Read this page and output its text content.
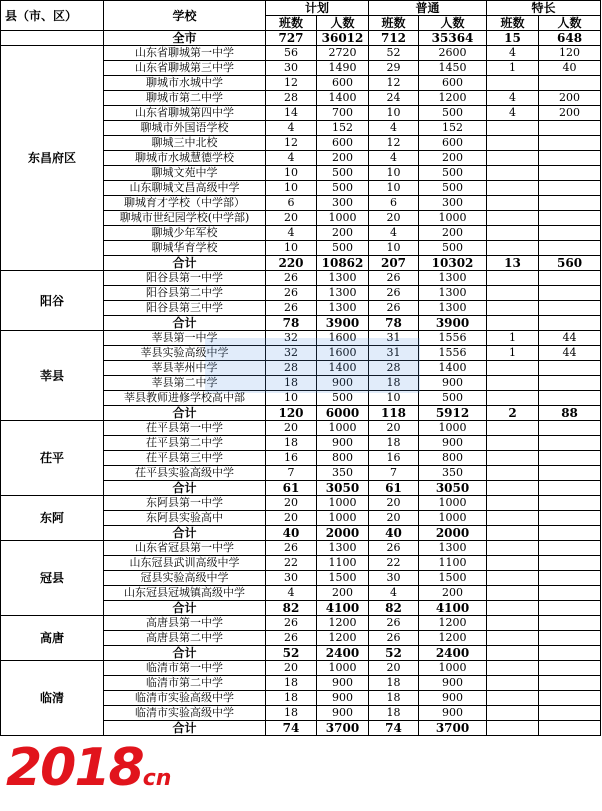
县（市、区）	学校	计划		普通		特长	
		班数	人数	班数	人数	班数	人数
	全市	727	36012	712	35364	15	648
东昌府区	山东省聊城第一中学	56	2720	52	2600	4	120
	山东省聊城第三中学	30	1490	29	1450	1	40
	聊城市水城中学	12	600	12	600		
	聊城市第二中学	28	1400	24	1200	4	200
	山东省聊城第四中学	14	700	10	500	4	200
	聊城市外国语学校	4	152	4	152		
	聊城三中北校	12	600	12	600		
	聊城市水城慧德学校	4	200	4	200		
	聊城文苑中学	10	500	10	500		
	山东聊城文昌高级中学	10	500	10	500		
	聊城育才学校（中学部）	6	300	6	300		
	聊城市世纪园学校(中学部)	20	1000	20	1000		
	聊城少年军校	4	200	4	200		
	聊城华育学校	10	500	10	500		
	合计	220	10862	207	10302	13	560
阳谷	阳谷县第一中学	26	1300	26	1300		
	阳谷县第二中学	26	1300	26	1300		
	阳谷县第三中学	26	1300	26	1300		
	合计	78	3900	78	3900		
莘县	莘县第一中学	32	1600	31	1556	1	44
	莘县实验高级中学	32	1600	31	1556	1	44
	莘县莘州中学	28	1400	28	1400		
	莘县第二中学	18	900	18	900		
	莘县教师进修学校高中部	10	500	10	500		
	合计	120	6000	118	5912	2	88
茌平	茌平县第一中学	20	1000	20	1000		
	茌平县第二中学	18	900	18	900		
	茌平县第三中学	16	800	16	800		
	茌平县实验高级中学	7	350	7	350		
	合计	61	3050	61	3050		
东阿	东阿县第一中学	20	1000	20	1000		
	东阿县实验高中	20	1000	20	1000		
	合计	40	2000	40	2000		
冠县	山东省冠县第一中学	26	1300	26	1300		
	山东冠县武训高级中学	22	1100	22	1100		
	冠县实验高级中学	30	1500	30	1500		
	山东冠县冠城镇高级中学	4	200	4	200		
	合计	82	4100	82	4100		
高唐	高唐县第一中学	26	1200	26	1200		
	高唐县第二中学	26	1200	26	1200		
	合计	52	2400	52	2400		
临清	临清市第一中学	20	1000	20	1000		
	临清市第二中学	18	900	18	900		
	临清市实验高级中学	18	900	18	900		
	临清市实验高级中学	18	900	18	900		
	合计	74	3700	74	3700		
2018cn
